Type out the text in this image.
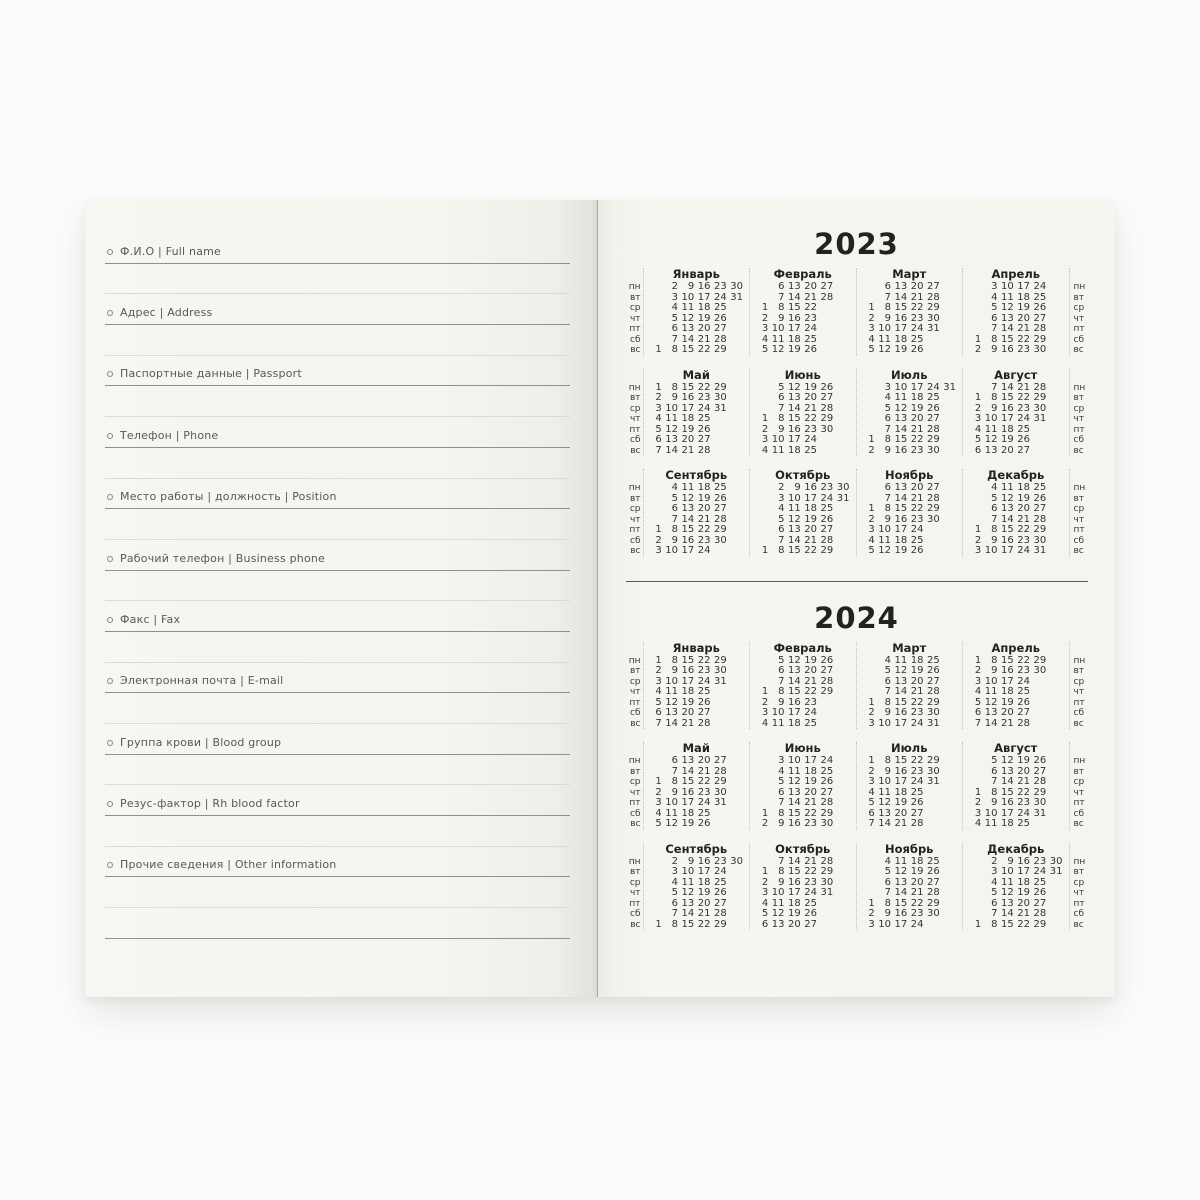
Ф.И.О | Full name
Адрес | Address
Паспортные данные | Passport
Телефон | Phone
Место работы | должность | Position
Рабочий телефон | Business phone
Факс | Fax
Электронная почта | E-mail
Группа крови | Blood group
Резус-фактор | Rh blood factor
Прочие сведения | Other information
2023
пн
вт
ср
чт
пт
сб
вс
Январь
2 9 16 23 30
3 10 17 24 31
4 11 18 25
5 12 19 26
6 13 20 27
7 14 21 28
1 8 15 22 29
Февраль
6 13 20 27
7 14 21 28
1 8 15 22
2 9 16 23
3 10 17 24
4 11 18 25
5 12 19 26
Март
6 13 20 27
7 14 21 28
1 8 15 22 29
2 9 16 23 30
3 10 17 24 31
4 11 18 25
5 12 19 26
Апрель
3 10 17 24
4 11 18 25
5 12 19 26
6 13 20 27
7 14 21 28
1 8 15 22 29
2 9 16 23 30
пн
вт
ср
чт
пт
сб
вс
пн
вт
ср
чт
пт
сб
вс
Май
1 8 15 22 29
2 9 16 23 30
3 10 17 24 31
4 11 18 25
5 12 19 26
6 13 20 27
7 14 21 28
Июнь
5 12 19 26
6 13 20 27
7 14 21 28
1 8 15 22 29
2 9 16 23 30
3 10 17 24
4 11 18 25
Июль
3 10 17 24 31
4 11 18 25
5 12 19 26
6 13 20 27
7 14 21 28
1 8 15 22 29
2 9 16 23 30
Август
7 14 21 28
1 8 15 22 29
2 9 16 23 30
3 10 17 24 31
4 11 18 25
5 12 19 26
6 13 20 27
пн
вт
ср
чт
пт
сб
вс
пн
вт
ср
чт
пт
сб
вс
Сентябрь
4 11 18 25
5 12 19 26
6 13 20 27
7 14 21 28
1 8 15 22 29
2 9 16 23 30
3 10 17 24
Октябрь
2 9 16 23 30
3 10 17 24 31
4 11 18 25
5 12 19 26
6 13 20 27
7 14 21 28
1 8 15 22 29
Ноябрь
6 13 20 27
7 14 21 28
1 8 15 22 29
2 9 16 23 30
3 10 17 24
4 11 18 25
5 12 19 26
Декабрь
4 11 18 25
5 12 19 26
6 13 20 27
7 14 21 28
1 8 15 22 29
2 9 16 23 30
3 10 17 24 31
пн
вт
ср
чт
пт
сб
вс
2024
пн
вт
ср
чт
пт
сб
вс
Январь
1 8 15 22 29
2 9 16 23 30
3 10 17 24 31
4 11 18 25
5 12 19 26
6 13 20 27
7 14 21 28
Февраль
5 12 19 26
6 13 20 27
7 14 21 28
1 8 15 22 29
2 9 16 23
3 10 17 24
4 11 18 25
Март
4 11 18 25
5 12 19 26
6 13 20 27
7 14 21 28
1 8 15 22 29
2 9 16 23 30
3 10 17 24 31
Апрель
1 8 15 22 29
2 9 16 23 30
3 10 17 24
4 11 18 25
5 12 19 26
6 13 20 27
7 14 21 28
пн
вт
ср
чт
пт
сб
вс
пн
вт
ср
чт
пт
сб
вс
Май
6 13 20 27
7 14 21 28
1 8 15 22 29
2 9 16 23 30
3 10 17 24 31
4 11 18 25
5 12 19 26
Июнь
3 10 17 24
4 11 18 25
5 12 19 26
6 13 20 27
7 14 21 28
1 8 15 22 29
2 9 16 23 30
Июль
1 8 15 22 29
2 9 16 23 30
3 10 17 24 31
4 11 18 25
5 12 19 26
6 13 20 27
7 14 21 28
Август
5 12 19 26
6 13 20 27
7 14 21 28
1 8 15 22 29
2 9 16 23 30
3 10 17 24 31
4 11 18 25
пн
вт
ср
чт
пт
сб
вс
пн
вт
ср
чт
пт
сб
вс
Сентябрь
2 9 16 23 30
3 10 17 24
4 11 18 25
5 12 19 26
6 13 20 27
7 14 21 28
1 8 15 22 29
Октябрь
7 14 21 28
1 8 15 22 29
2 9 16 23 30
3 10 17 24 31
4 11 18 25
5 12 19 26
6 13 20 27
Ноябрь
4 11 18 25
5 12 19 26
6 13 20 27
7 14 21 28
1 8 15 22 29
2 9 16 23 30
3 10 17 24
Декабрь
2 9 16 23 30
3 10 17 24 31
4 11 18 25
5 12 19 26
6 13 20 27
7 14 21 28
1 8 15 22 29
пн
вт
ср
чт
пт
сб
вс
